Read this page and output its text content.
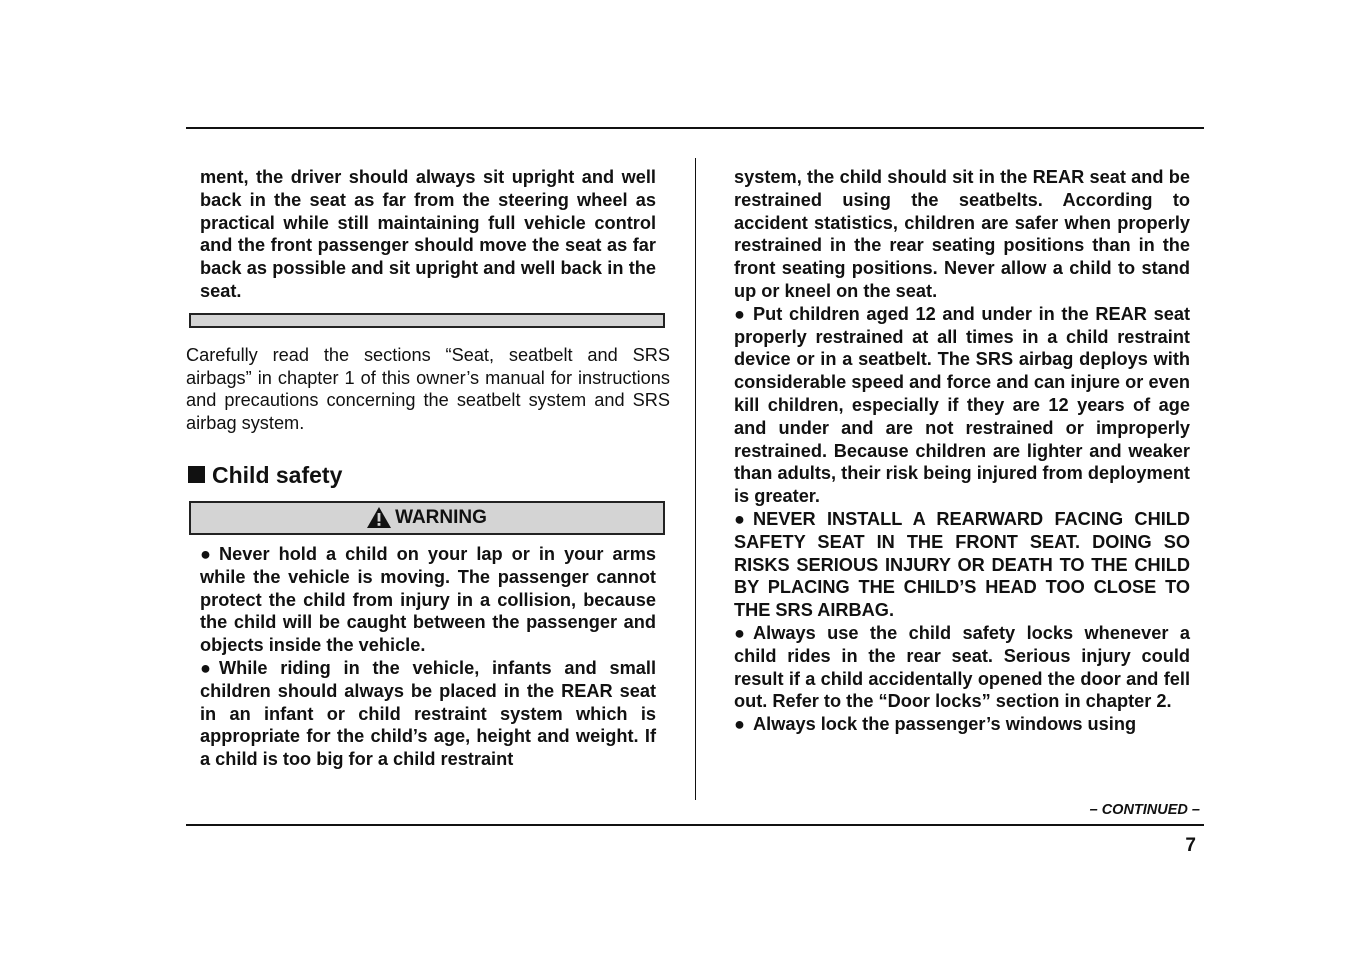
ment, the driver should always sit upright and well back in the seat as far from the steering wheel as practical while still maintaining full vehicle control and the front passenger should move the seat as far back as possible and sit upright and well back in the seat.

Carefully read the sections “Seat, seatbelt and SRS airbags” in chapter 1 of this owner’s manual for instructions and precautions concerning the seatbelt system and SRS airbag system.

Child safety
WARNING

● Never hold a child on your lap or in your arms while the vehicle is moving. The passenger cannot protect the child from injury in a collision, because the child will be caught between the passenger and objects inside the vehicle.

● While riding in the vehicle, infants and small children should always be placed in the REAR seat in an infant or child restraint system which is appropriate for the child’s age, height and weight. If a child is too big for a child restraint

system, the child should sit in the REAR seat and be restrained using the seatbelts. According to accident statistics, children are safer when properly restrained in the rear seating positions than in the front seating positions. Never allow a child to stand up or kneel on the seat.

● Put children aged 12 and under in the REAR seat properly restrained at all times in a child restraint device or in a seatbelt. The SRS airbag deploys with considerable speed and force and can injure or even kill children, especially if they are 12 years of age and under and are not restrained or improperly restrained. Because children are lighter and weaker than adults, their risk being injured from deployment is greater.

● NEVER INSTALL A REARWARD FACING CHILD SAFETY SEAT IN THE FRONT SEAT. DOING SO RISKS SERIOUS INJURY OR DEATH TO THE CHILD BY PLACING THE CHILD’S HEAD TOO CLOSE TO THE SRS AIRBAG.

● Always use the child safety locks whenever a child rides in the rear seat. Serious injury could result if a child accidentally opened the door and fell out. Refer to the “Door locks” section in chapter 2.

● Always lock the passenger’s windows using

– CONTINUED –
7
